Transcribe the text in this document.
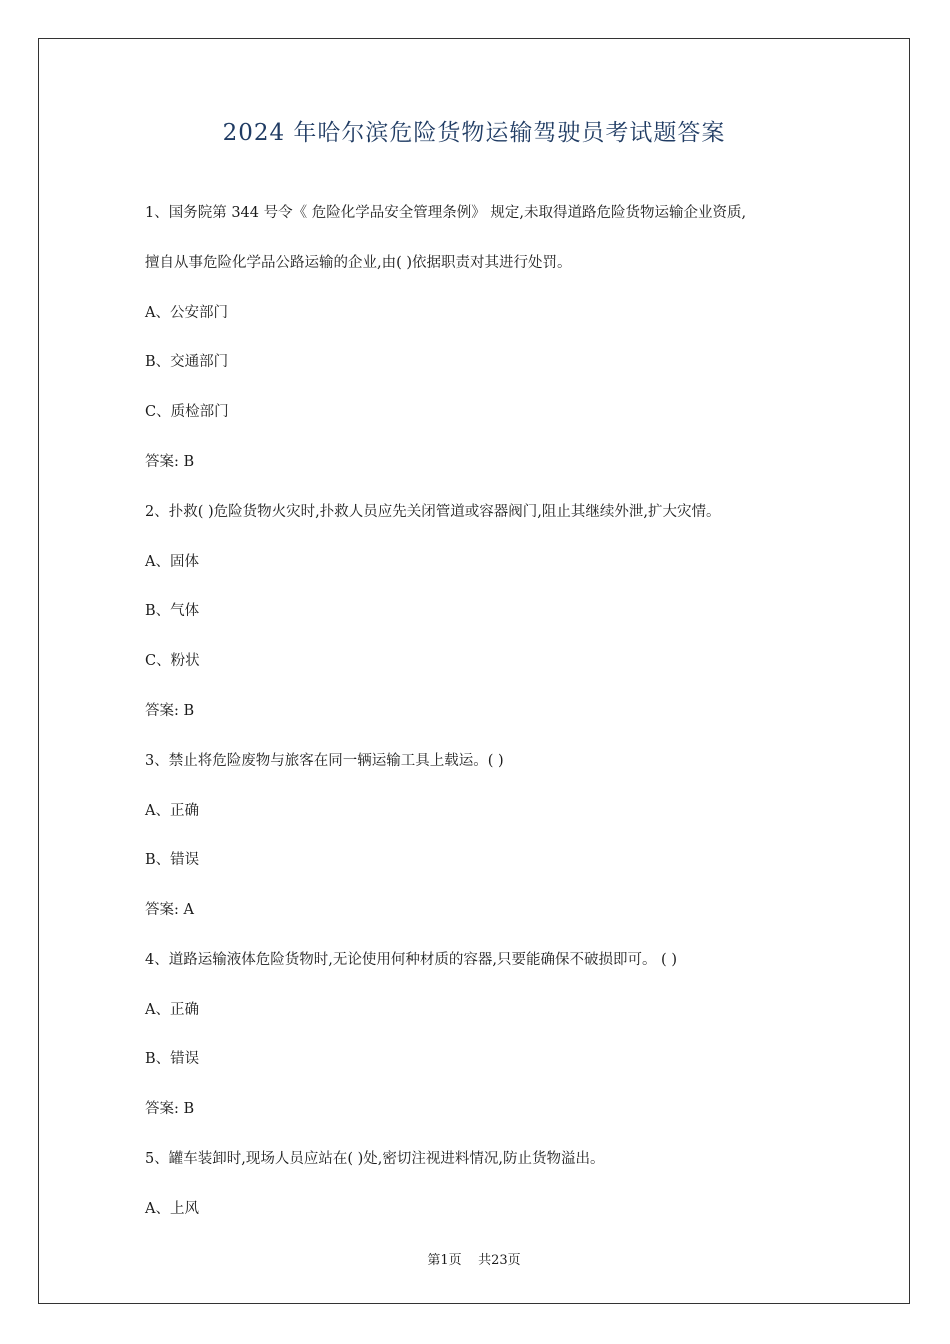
2024 年哈尔滨危险货物运输驾驶员考试题答案
1、国务院第 344 号令《 危险化学品安全管理条例》 规定,未取得道路危险货物运输企业资质,
擅自从事危险化学品公路运输的企业,由( )依据职责对其进行处罚。
A、公安部门
B、交通部门
C、质检部门
答案: B
2、扑救( )危险货物火灾时,扑救人员应先关闭管道或容器阀门,阻止其继续外泄,扩大灾情。
A、固体
B、气体
C、粉状
答案: B
3、禁止将危险废物与旅客在同一辆运输工具上载运。( )
A、正确
B、错误
答案: A
4、道路运输液体危险货物时,无论使用何种材质的容器,只要能确保不破损即可。 ( )
A、正确
B、错误
答案: B
5、罐车装卸时,现场人员应站在( )处,密切注视进料情况,防止货物溢出。
A、上风
第1页    共23页
